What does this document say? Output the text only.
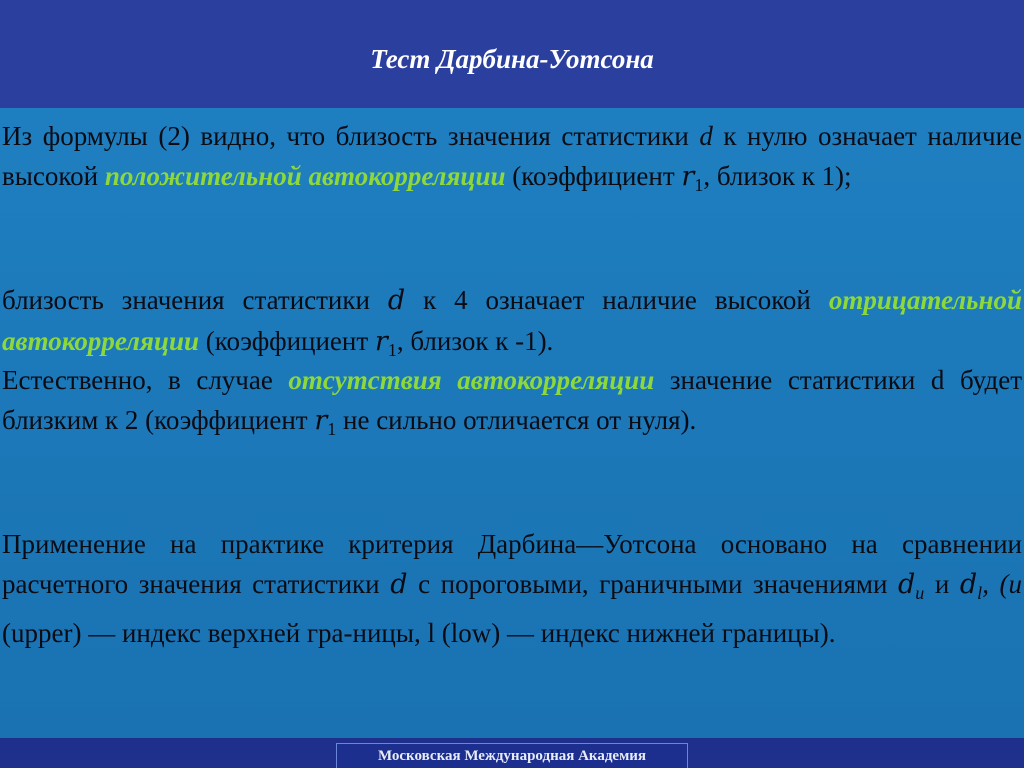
Тест Дарбина-Уотсона
Из формулы (2) видно, что близость значения статистики d к нулю означает наличие высокой положительной автокорреляции (коэффициент $r_1$, близок к 1);
близость значения статистики d к 4 означает наличие высокой отрицательной автокорреляции (коэффициент $r_1$, близок к -1).
Естественно, в случае отсутствия автокорреляции значение статистики d будет близким к 2 (коэффициент $r_1$ не сильно отличается от нуля).
Применение на практике критерия Дарбина—Уотсона основано на сравнении расчетного значения статистики d с пороговыми, граничными значениями $d_u$ и $d_l$, (u (upper) — индекс верхней гра-ницы, l (low) — индекс нижней границы).
Московская Международная Академия
